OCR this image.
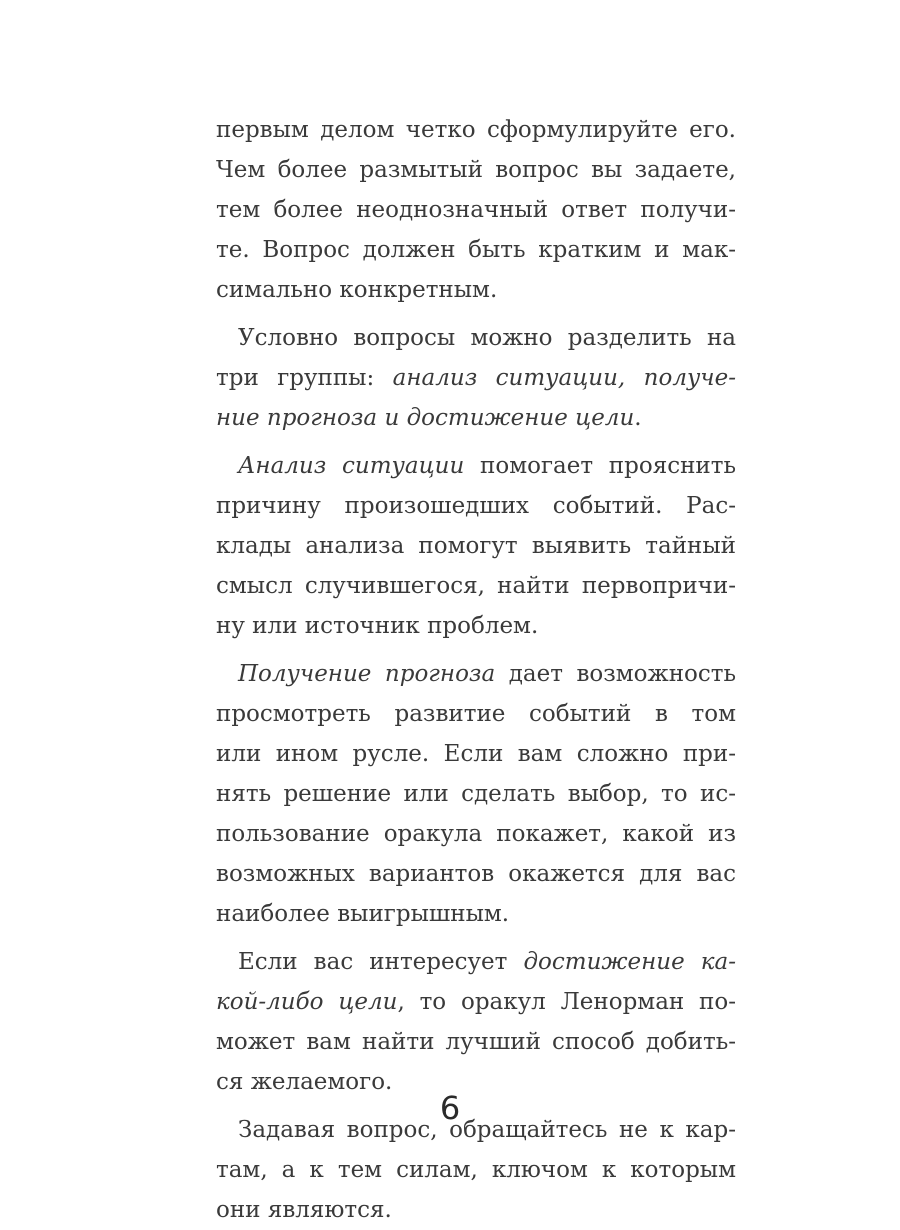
первым делом четко сформулируйте его.
Чем более размытый вопрос вы задаете,
тем более неоднозначный ответ получи-
те. Вопрос должен быть кратким и мак-
симально конкретным.
Условно вопросы можно разделить на
три группы: анализ ситуации, получе-
ние прогноза и достижение цели.
Анализ ситуации помогает прояснить
причину произошедших событий. Рас-
клады анализа помогут выявить тайный
смысл случившегося, найти первопричи-
ну или источник проблем.
Получение прогноза дает возможность
просмотреть развитие событий в том
или ином русле. Если вам сложно при-
нять решение или сделать выбор, то ис-
пользование оракула покажет, какой из
возможных вариантов окажется для вас
наиболее выигрышным.
Если вас интересует достижение ка-
кой-либо цели, то оракул Ленорман по-
может вам найти лучший способ добить-
ся желаемого.
Задавая вопрос, обращайтесь не к кар-
там, а к тем силам, ключом к которым
они являются.
6
